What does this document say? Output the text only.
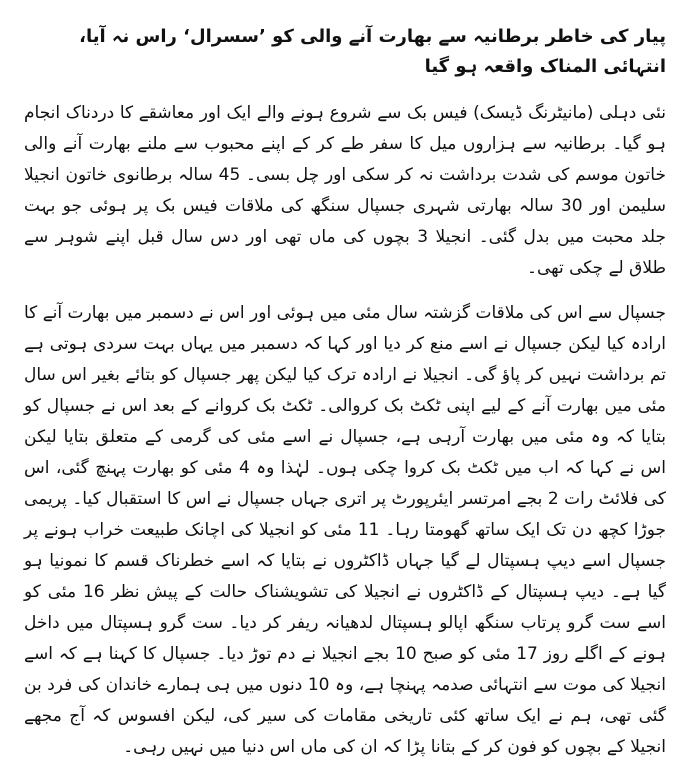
پیار کی خاطر برطانیہ سے بھارت آنے والی کو ’سسرال‘ راس نہ آیا، انتہائی المناک واقعہ ہو گیا

نئی دہلی (مانیٹرنگ ڈیسک) فیس بک سے شروع ہونے والے ایک اور معاشقے کا دردناک انجام ہو گیا۔ برطانیہ سے ہزاروں میل کا سفر طے کر کے اپنے محبوب سے ملنے بھارت آنے والی خاتون موسم کی شدت برداشت نہ کر سکی اور چل بسی۔ 45 سالہ برطانوی خاتون انجیلا سلیمن اور 30 سالہ بھارتی شہری جسپال سنگھ کی ملاقات فیس بک پر ہوئی جو بہت جلد محبت میں بدل گئی۔ انجیلا 3 بچوں کی ماں تھی اور دس سال قبل اپنے شوہر سے طلاق لے چکی تھی۔

جسپال سے اس کی ملاقات گزشتہ سال مئی میں ہوئی اور اس نے دسمبر میں بھارت آنے کا ارادہ کیا لیکن جسپال نے اسے منع کر دیا اور کہا کہ دسمبر میں یہاں بہت سردی ہوتی ہے تم برداشت نہیں کر پاؤ گی۔ انجیلا نے ارادہ ترک کیا لیکن پھر جسپال کو بتائے بغیر اس سال مئی میں بھارت آنے کے لیے اپنی ٹکٹ بک کروالی۔ ٹکٹ بک کروانے کے بعد اس نے جسپال کو بتایا کہ وہ مئی میں بھارت آرہی ہے، جسپال نے اسے مئی کی گرمی کے متعلق بتایا لیکن اس نے کہا کہ اب میں ٹکٹ بک کروا چکی ہوں۔ لہٰذا وہ 4 مئی کو بھارت پہنچ گئی، اس کی فلائٹ رات 2 بجے امرتسر ایئرپورٹ پر اتری جہاں جسپال نے اس کا استقبال کیا۔ پریمی جوڑا کچھ دن تک ایک ساتھ گھومتا رہا۔ 11 مئی کو انجیلا کی اچانک طبیعت خراب ہونے پر جسپال اسے دیپ ہسپتال لے گیا جہاں ڈاکٹروں نے بتایا کہ اسے خطرناک قسم کا نمونیا ہو گیا ہے۔ دیپ ہسپتال کے ڈاکٹروں نے انجیلا کی تشویشناک حالت کے پیش نظر 16 مئی کو اسے ست گرو پرتاب سنگھ اپالو ہسپتال لدھیانہ ریفر کر دیا۔ ست گرو ہسپتال میں داخل ہونے کے اگلے روز 17 مئی کو صبح 10 بجے انجیلا نے دم توڑ دیا۔ جسپال کا کہنا ہے کہ اسے انجیلا کی موت سے انتہائی صدمہ پہنچا ہے، وہ 10 دنوں میں ہی ہمارے خاندان کی فرد بن گئی تھی، ہم نے ایک ساتھ کئی تاریخی مقامات کی سیر کی، لیکن افسوس کہ آج مجھے انجیلا کے بچوں کو فون کر کے بتانا پڑا کہ ان کی ماں اس دنیا میں نہیں رہی۔
